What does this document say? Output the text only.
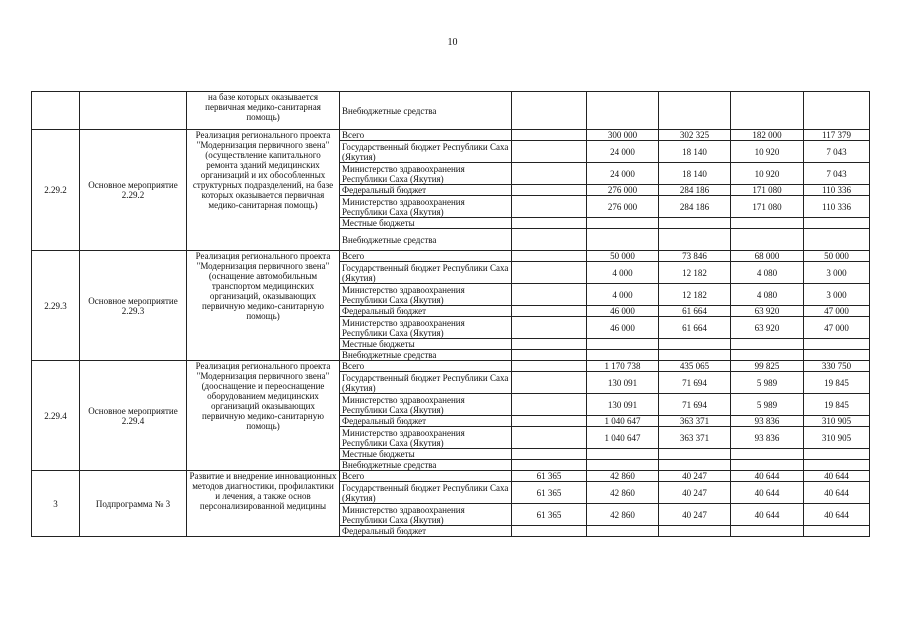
10
		на базе которых оказывается первичная медико-санитарная помощь)	Внебюджетные средства					
2.29.2	Основное мероприятие 2.29.2	Реализация регионального проекта "Модернизация первичного звена" (осуществление капитального ремонта зданий медицинских организаций и их обособленных структурных подразделений, на базе которых оказывается первичная медико-санитарная помощь)	Всего		300 000	302 325	182 000	117 379
			Государственный бюджет Республики Саха (Якутия)		24 000	18 140	10 920	7 043
			Министерство здравоохранения Республики Саха (Якутия)		24 000	18 140	10 920	7 043
			Федеральный бюджет		276 000	284 186	171 080	110 336
			Министерство здравоохранения Республики Саха (Якутия)		276 000	284 186	171 080	110 336
			Местные бюджеты					
			Внебюджетные средства					
2.29.3	Основное мероприятие 2.29.3	Реализация регионального проекта "Модернизация первичного звена" (оснащение автомобильным транспортом медицинских организаций, оказывающих первичную медико-санитарную помощь)	Всего		50 000	73 846	68 000	50 000
			Государственный бюджет Республики Саха (Якутия)		4 000	12 182	4 080	3 000
			Министерство здравоохранения Республики Саха (Якутия)		4 000	12 182	4 080	3 000
			Федеральный бюджет		46 000	61 664	63 920	47 000
			Министерство здравоохранения Республики Саха (Якутия)		46 000	61 664	63 920	47 000
			Местные бюджеты					
			Внебюджетные средства					
2.29.4	Основное мероприятие 2.29.4	Реализация регионального проекта "Модернизация первичного звена" (дооснащение и переоснащение оборудованием медицинских организаций оказывающих первичную медико-санитарную помощь)	Всего		1 170 738	435 065	99 825	330 750
			Государственный бюджет Республики Саха (Якутия)		130 091	71 694	5 989	19 845
			Министерство здравоохранения Республики Саха (Якутия)		130 091	71 694	5 989	19 845
			Федеральный бюджет		1 040 647	363 371	93 836	310 905
			Министерство здравоохранения Республики Саха (Якутия)		1 040 647	363 371	93 836	310 905
			Местные бюджеты					
			Внебюджетные средства					
3	Подпрограмма № 3	Развитие и внедрение инновационных методов диагностики, профилактики и лечения, а также основ персонализированной медицины	Всего	61 365	42 860	40 247	40 644	40 644
			Государственный бюджет Республики Саха (Якутия)	61 365	42 860	40 247	40 644	40 644
			Министерство здравоохранения Республики Саха (Якутия)	61 365	42 860	40 247	40 644	40 644
			Федеральный бюджет					
